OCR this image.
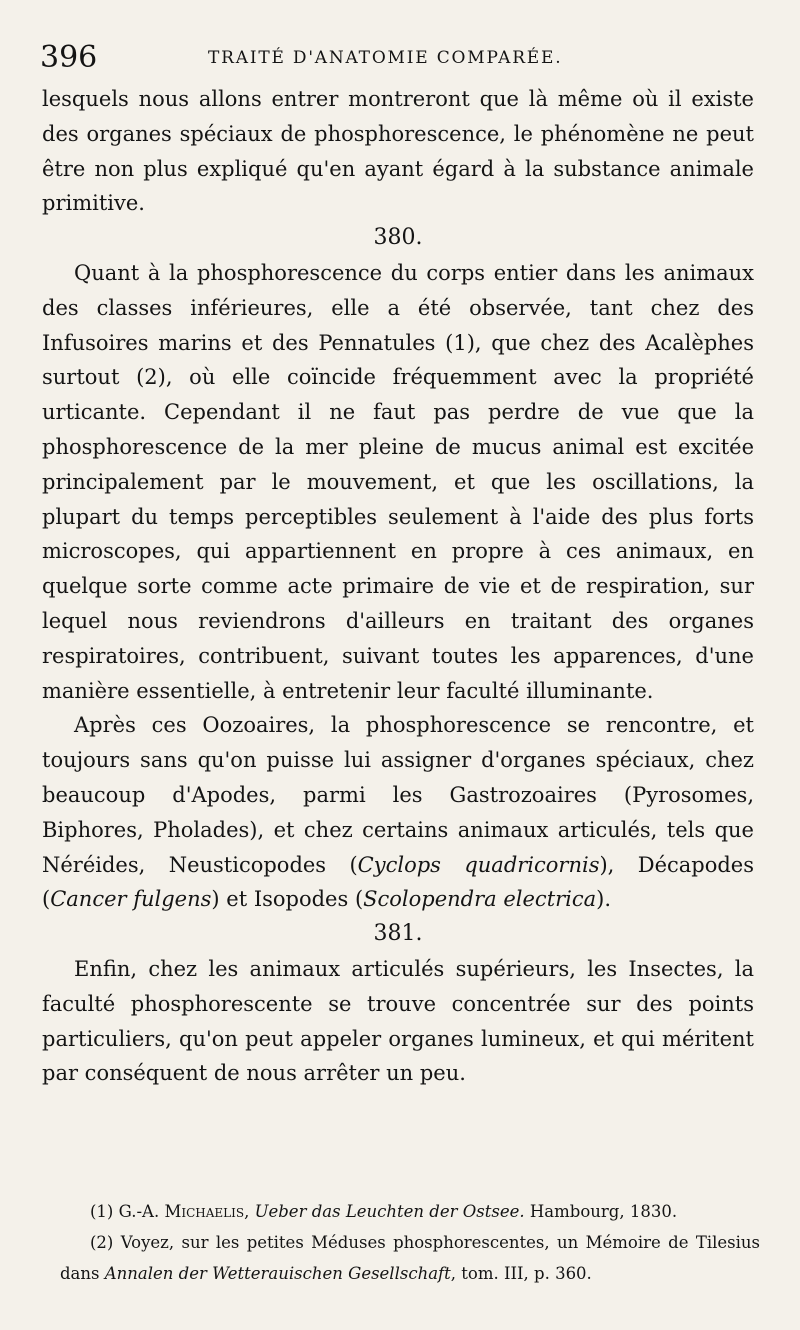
396	TRAITÉ D'ANATOMIE COMPARÉE.

lesquels nous allons entrer montreront que là même où il existe des organes spéciaux de phosphorescence, le phénomène ne peut être non plus expliqué qu'en ayant égard à la substance animale primitive.

380.

Quant à la phosphorescence du corps entier dans les animaux des classes inférieures, elle a été observée, tant chez des Infusoires marins et des Pennatules (1), que chez des Acalèphes surtout (2), où elle coïncide fréquemment avec la propriété urticante. Cependant il ne faut pas perdre de vue que la phosphorescence de la mer pleine de mucus animal est excitée principalement par le mouvement, et que les oscillations, la plupart du temps perceptibles seulement à l'aide des plus forts microscopes, qui appartiennent en propre à ces animaux, en quelque sorte comme acte primaire de vie et de respiration, sur lequel nous reviendrons d'ailleurs en traitant des organes respiratoires, contribuent, suivant toutes les apparences, d'une manière essentielle, à entretenir leur faculté illuminante.

Après ces Oozoaires, la phosphorescence se rencontre, et toujours sans qu'on puisse lui assigner d'organes spéciaux, chez beaucoup d'Apodes, parmi les Gastrozoaires (Pyrosomes, Biphores, Pholades), et chez certains animaux articulés, tels que Néréides, Neusticopodes (Cyclops quadricornis), Décapodes (Cancer fulgens) et Isopodes (Scolopendra electrica).

381.

Enfin, chez les animaux articulés supérieurs, les Insectes, la faculté phosphorescente se trouve concentrée sur des points particuliers, qu'on peut appeler organes lumineux, et qui méritent par conséquent de nous arrêter un peu.

(1) G.-A. Michaelis, Ueber das Leuchten der Ostsee. Hambourg, 1830.

(2) Voyez, sur les petites Méduses phosphorescentes, un Mémoire de Tilesius dans Annalen der Wetterauischen Gesellschaft, tom. III, p. 360.
